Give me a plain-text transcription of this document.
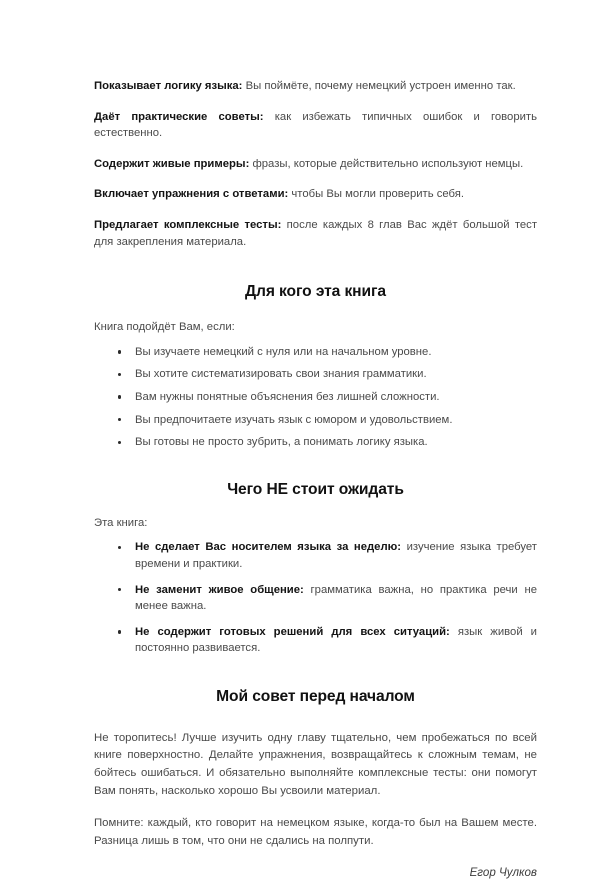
Показывает логику языка: Вы поймёте, почему немецкий устроен именно так.

Даёт практические советы: как избежать типичных ошибок и говорить естественно.

Содержит живые примеры: фразы, которые действительно используют немцы.

Включает упражнения с ответами: чтобы Вы могли проверить себя.

Предлагает комплексные тесты: после каждых 8 глав Вас ждёт большой тест для закрепления материала.

Для кого эта книга

Книга подойдёт Вам, если:

Вы изучаете немецкий с нуля или на начальном уровне.
Вы хотите систематизировать свои знания грамматики.
Вам нужны понятные объяснения без лишней сложности.
Вы предпочитаете изучать язык с юмором и удовольствием.
Вы готовы не просто зубрить, а понимать логику языка.
Чего НЕ стоит ожидать

Эта книга:

Не сделает Вас носителем языка за неделю: изучение языка требует времени и практики.
Не заменит живое общение: грамматика важна, но практика речи не менее важна.
Не содержит готовых решений для всех ситуаций: язык живой и постоянно развивается.
Мой совет перед началом

Не торопитесь! Лучше изучить одну главу тщательно, чем пробежаться по всей книге поверхностно. Делайте упражнения, возвращайтесь к сложным темам, не бойтесь ошибаться. И обязательно выполняйте комплексные тесты: они помогут Вам понять, насколько хорошо Вы усвоили материал.

Помните: каждый, кто говорит на немецком языке, когда-то был на Вашем месте. Разница лишь в том, что они не сдались на полпути.

Егор Чулков
